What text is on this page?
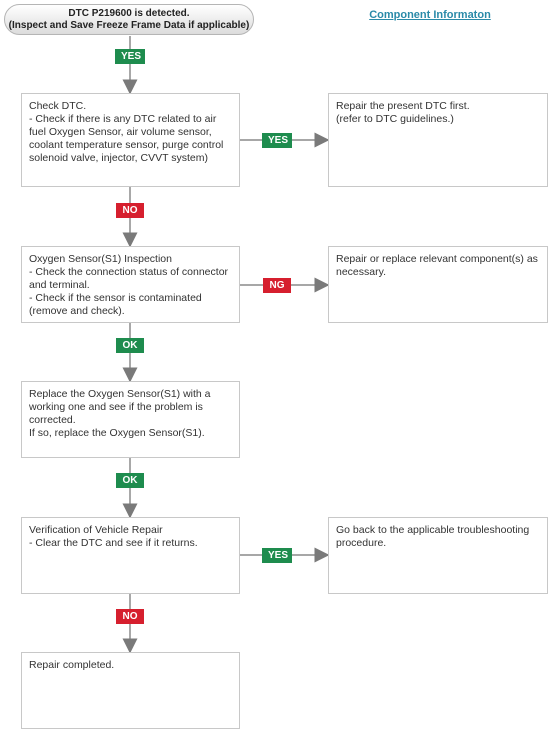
DTC P219600 is detected.
(Inspect and Save Freeze Frame Data if applicable)
Component Informaton
Check DTC.
- Check if there is any DTC related to air fuel Oxygen Sensor, air volume sensor, coolant temperature sensor, purge control solenoid valve, injector, CVVT system)
Oxygen Sensor(S1) Inspection
- Check the connection status of connector and terminal.
- Check if the sensor is contaminated (remove and check).
Replace the Oxygen Sensor(S1) with a working one and see if the problem is corrected.
If so, replace the Oxygen Sensor(S1).
Verification of Vehicle Repair
- Clear the DTC and see if it returns.
Repair completed.
Repair the present DTC first.
(refer to DTC guidelines.)
Repair or replace relevant component(s) as necessary.
Go back to the applicable troubleshooting procedure.
YES
YES
NO
NG
OK
OK
YES
NO
